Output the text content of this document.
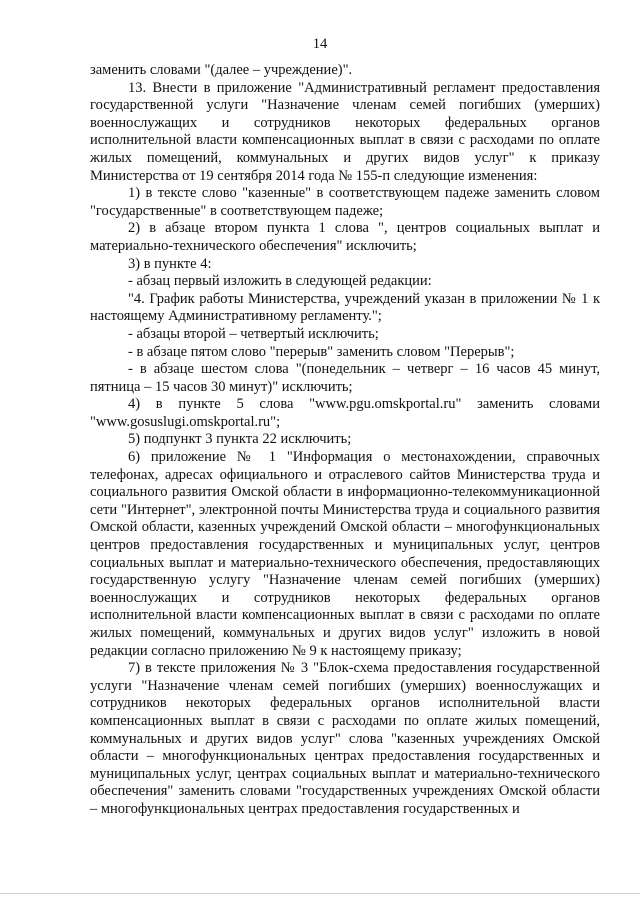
14

заменить словами "(далее – учреждение)".

13. Внести в приложение "Административный регламент предоставления государственной услуги "Назначение членам семей погибших (умерших) военнослужащих и сотрудников некоторых федеральных органов исполнительной власти компенсационных выплат в связи с расходами по оплате жилых помещений, коммунальных и других видов услуг" к приказу Министерства от 19 сентября 2014 года № 155-п следующие изменения:

1) в тексте слово "казенные" в соответствующем падеже заменить словом "государственные" в соответствующем падеже;

2) в абзаце втором пункта 1 слова ", центров социальных выплат и материально-технического обеспечения" исключить;

3) в пункте 4:

- абзац первый изложить в следующей редакции:

"4. График работы Министерства, учреждений указан в приложении № 1 к настоящему Административному регламенту.";

- абзацы второй – четвертый исключить;

- в абзаце пятом слово "перерыв" заменить словом "Перерыв";

- в абзаце шестом слова "(понедельник – четверг – 16 часов 45 минут, пятница – 15 часов 30 минут)" исключить;

4) в пункте 5 слова "www.pgu.omskportal.ru" заменить словами "www.gosuslugi.omskportal.ru";

5) подпункт 3 пункта 22 исключить;

6) приложение № 1 "Информация о местонахождении, справочных телефонах, адресах официального и отраслевого сайтов Министерства труда и социального развития Омской области в информационно-телекоммуникационной сети "Интернет", электронной почты Министерства труда и социального развития Омской области, казенных учреждений Омской области – многофункциональных центров предоставления государственных и муниципальных услуг, центров социальных выплат и материально-технического обеспечения, предоставляющих государственную услугу "Назначение членам семей погибших (умерших) военнослужащих и сотрудников некоторых федеральных органов исполнительной власти компенсационных выплат в связи с расходами по оплате жилых помещений, коммунальных и других видов услуг" изложить в новой редакции согласно приложению № 9 к настоящему приказу;

7) в тексте приложения № 3 "Блок-схема предоставления государственной услуги "Назначение членам семей погибших (умерших) военнослужащих и сотрудников некоторых федеральных органов исполнительной власти компенсационных выплат в связи с расходами по оплате жилых помещений, коммунальных и других видов услуг" слова "казенных учреждениях Омской области – многофункциональных центрах предоставления государственных и муниципальных услуг, центрах социальных выплат и материально-технического обеспечения" заменить словами "государственных учреждениях Омской области – многофункциональных центрах предоставления государственных и
